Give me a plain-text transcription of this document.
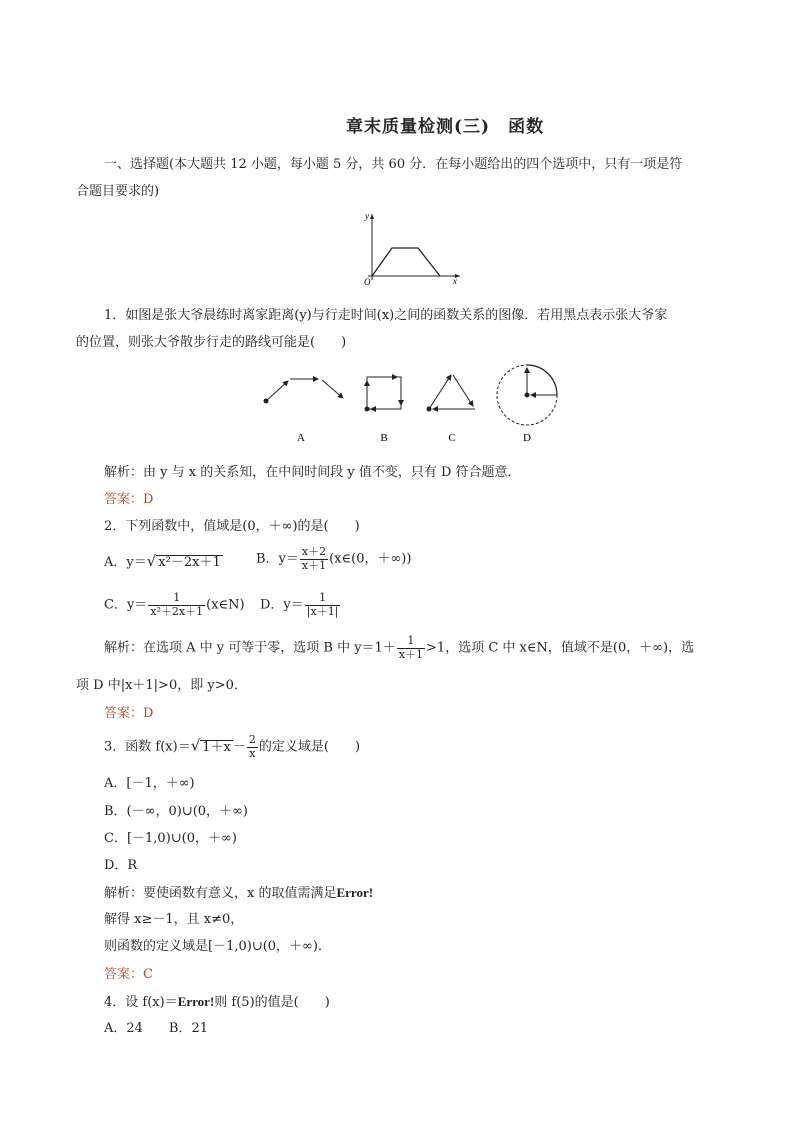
章末质量检测(三)　函数
一、选择题(本大题共 12 小题，每小题 5 分，共 60 分．在每小题给出的四个选项中，只有一项是符
合题目要求的)
y
x
O
1．如图是张大爷晨练时离家距离(y)与行走时间(x)之间的函数关系的图像．若用黑点表示张大爷家
的位置，则张大爷散步行走的路线可能是(　　)
A	B	C	D
解析：由 y 与 x 的关系知，在中间时间段 y 值不变，只有 D 符合题意．
答案：D
2．下列函数中，值域是(0，＋∞)的是(　　)
A．y＝√ x²－2x＋1	B．$y= \frac{x+2}{x+1}$ (x∈(0，＋∞))
C．$y= \frac{1}{\text{x²＋2x＋1}}$ (x∈N) D．$y= \frac{1}{|x+1|}$
解析：在选项 A 中 y 可等于零，选项 B 中 $y=1+ \frac{1}{x+1} >1$，选项 C 中 x∈N，值域不是(0，＋∞)，选
项 D 中|x＋1|>0，即 y>0．
答案：D
3．函数 f(x)＝√ $1+x - \frac{2}{x}$ 的定义域是(　　)
A．[－1，＋∞)
B．(－∞，0)∪(0，＋∞)
C．[－1,0)∪(0，＋∞)
D．R
解析：要使函数有意义，x 的取值需满足Error!
解得 x≥－1，且 x≠0，
则函数的定义域是[－1,0)∪(0，＋∞)．
答案：C
4．设 f(x)＝Error!则 f(5)的值是(　　)
A．24　　B．21
